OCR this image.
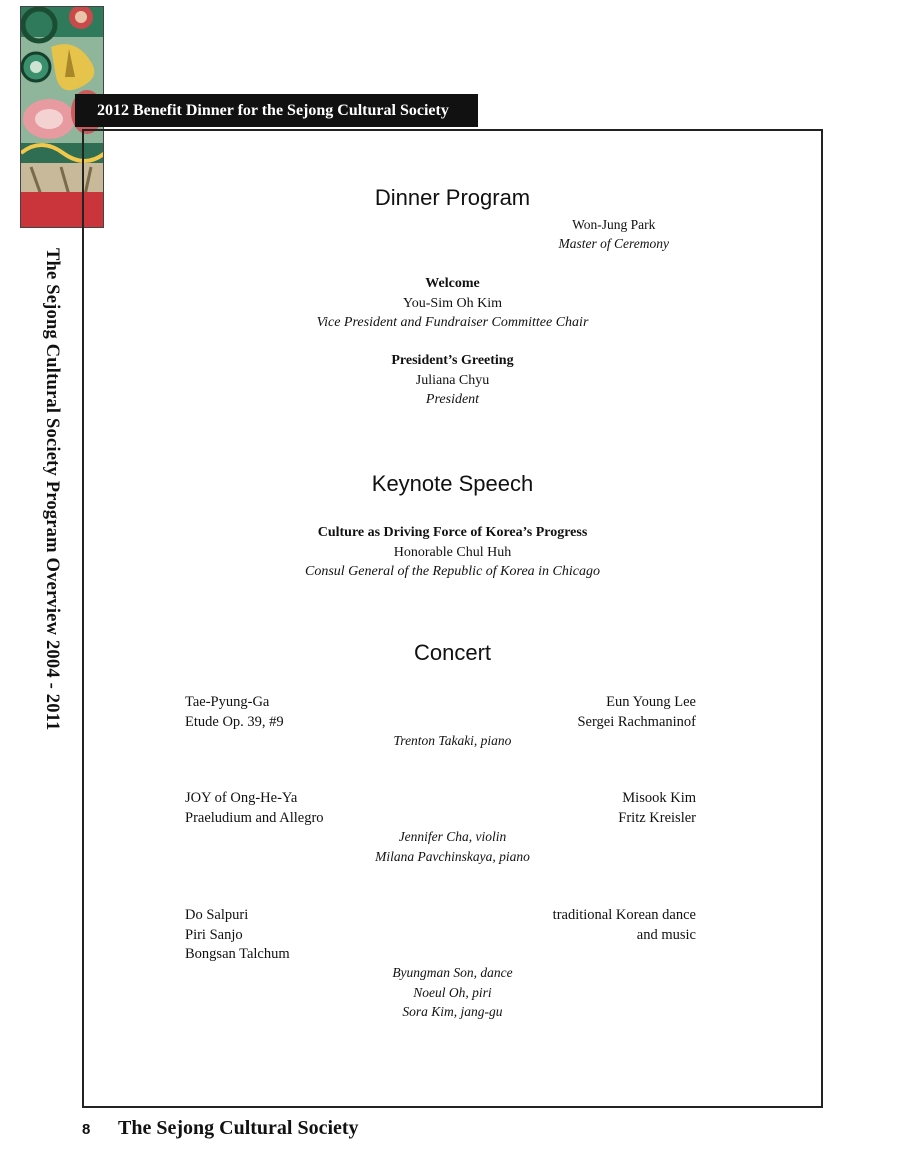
2012 Benefit Dinner for the Sejong Cultural Society
The Sejong Cultural Society Program Overview 2004 - 2011
Dinner Program
Won-Jung Park
Master of Ceremony
Welcome
You-Sim Oh Kim
Vice President and Fundraiser Committee Chair
President’s Greeting
Juliana Chyu
President
Keynote Speech
Culture as Driving Force of Korea’s Progress
Honorable Chul Huh
Consul General of the Republic of Korea in Chicago
Concert
Tae-Pyung-Ga
Etude Op. 39, #9
Eun Young Lee
Sergei Rachmaninof
Trenton Takaki, piano
JOY of Ong-He-Ya
Praeludium and Allegro
Misook Kim
Fritz Kreisler
Jennifer Cha, violin
Milana Pavchinskaya, piano
Do Salpuri
Piri Sanjo
Bongsan Talchum
traditional Korean dance
and music
Byungman Son, dance
Noeul Oh, piri
Sora Kim, jang-gu
8 The Sejong Cultural Society
